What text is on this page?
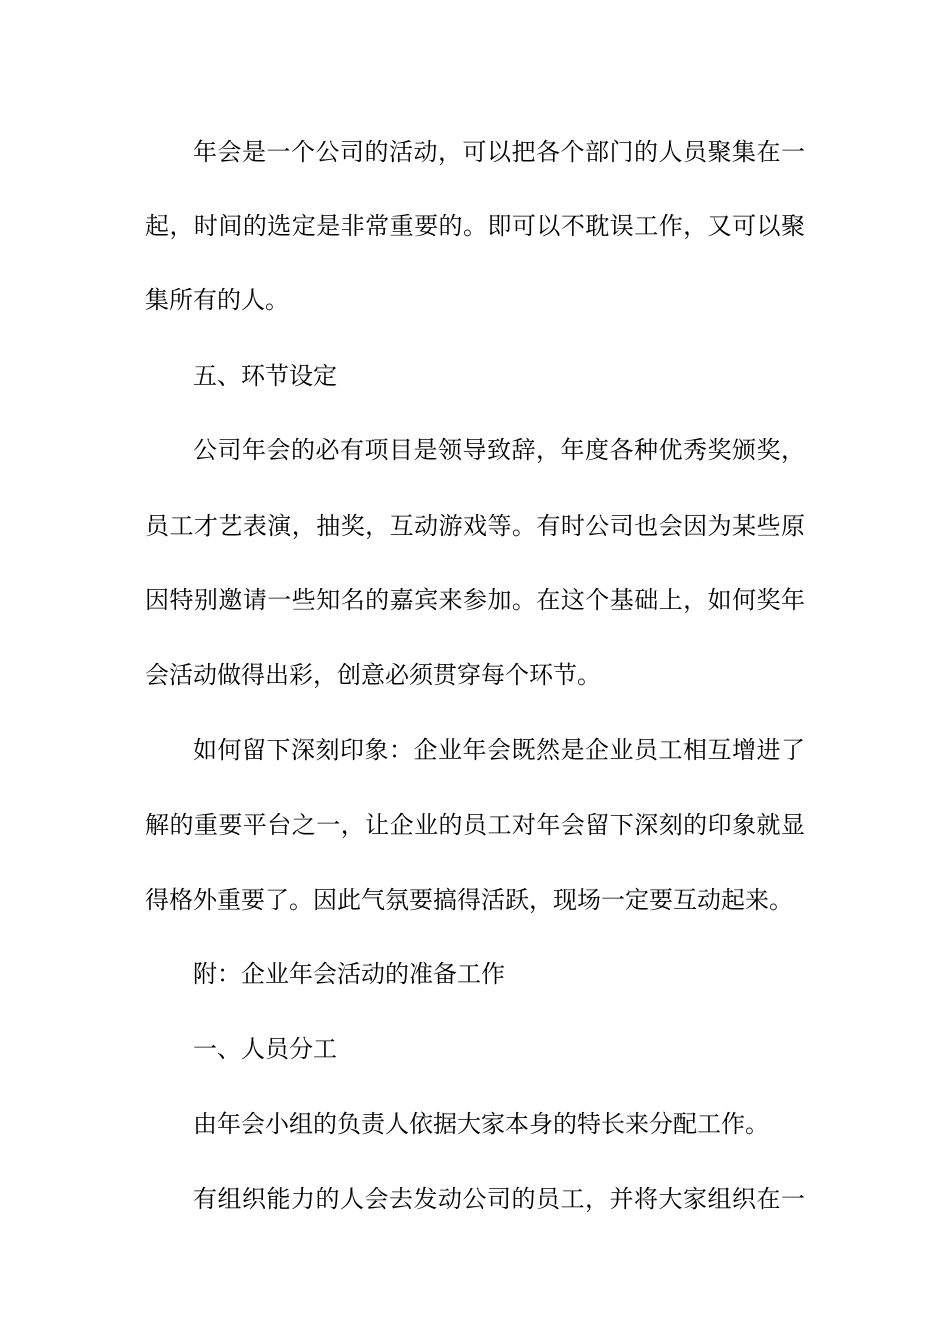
年会是一个公司的活动，可以把各个部门的人员聚集在一
起，时间的选定是非常重要的。即可以不耽误工作，又可以聚
集所有的人。
五、环节设定
公司年会的必有项目是领导致辞，年度各种优秀奖颁奖，
员工才艺表演，抽奖，互动游戏等。有时公司也会因为某些原
因特别邀请一些知名的嘉宾来参加。在这个基础上，如何奖年
会活动做得出彩，创意必须贯穿每个环节。
如何留下深刻印象：企业年会既然是企业员工相互增进了
解的重要平台之一，让企业的员工对年会留下深刻的印象就显
得格外重要了。因此气氛要搞得活跃，现场一定要互动起来。
附：企业年会活动的准备工作
一、人员分工
由年会小组的负责人依据大家本身的特长来分配工作。
有组织能力的人会去发动公司的员工，并将大家组织在一
